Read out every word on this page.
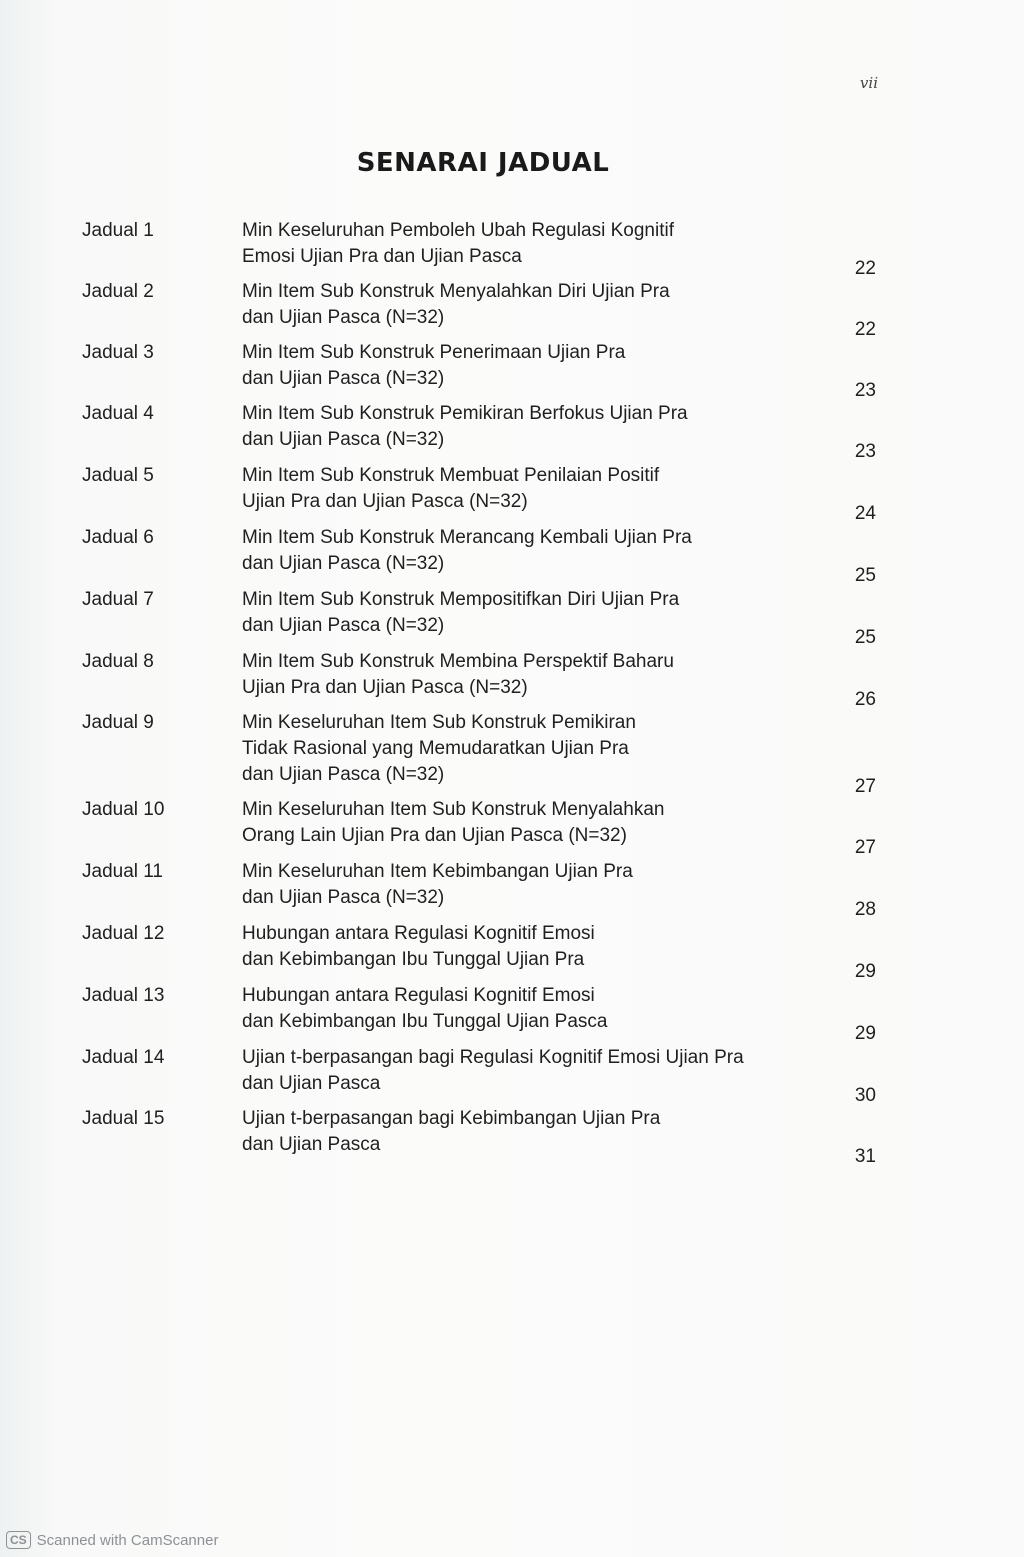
vii
SENARAI JADUAL
Jadual 1	Min Keseluruhan Pemboleh Ubah Regulasi Kognitif
Emosi Ujian Pra dan Ujian Pasca
22
Jadual 2	Min Item Sub Konstruk Menyalahkan Diri Ujian Pra
dan Ujian Pasca (N=32)
22
Jadual 3	Min Item Sub Konstruk Penerimaan Ujian Pra
dan Ujian Pasca (N=32)
23
Jadual 4	Min Item Sub Konstruk Pemikiran Berfokus Ujian Pra
dan Ujian Pasca (N=32)
23
Jadual 5	Min Item Sub Konstruk Membuat Penilaian Positif
Ujian Pra dan Ujian Pasca (N=32)
24
Jadual 6	Min Item Sub Konstruk Merancang Kembali Ujian Pra
dan Ujian Pasca (N=32)
25
Jadual 7	Min Item Sub Konstruk Mempositifkan Diri Ujian Pra
dan Ujian Pasca (N=32)
25
Jadual 8	Min Item Sub Konstruk Membina Perspektif Baharu
Ujian Pra dan Ujian Pasca (N=32)
26
Jadual 9	Min Keseluruhan Item Sub Konstruk Pemikiran
Tidak Rasional yang Memudaratkan Ujian Pra
dan Ujian Pasca (N=32)
27
Jadual 10	Min Keseluruhan Item Sub Konstruk Menyalahkan
Orang Lain Ujian Pra dan Ujian Pasca (N=32)
27
Jadual 11	Min Keseluruhan Item Kebimbangan Ujian Pra
dan Ujian Pasca (N=32)
28
Jadual 12	Hubungan antara Regulasi Kognitif Emosi
dan Kebimbangan Ibu Tunggal Ujian Pra
29
Jadual 13	Hubungan antara Regulasi Kognitif Emosi
dan Kebimbangan Ibu Tunggal Ujian Pasca
29
Jadual 14	Ujian t-berpasangan bagi Regulasi Kognitif Emosi Ujian Pra
dan Ujian Pasca
30
Jadual 15	Ujian t-berpasangan bagi Kebimbangan Ujian Pra
dan Ujian Pasca
31
CS Scanned with CamScanner
